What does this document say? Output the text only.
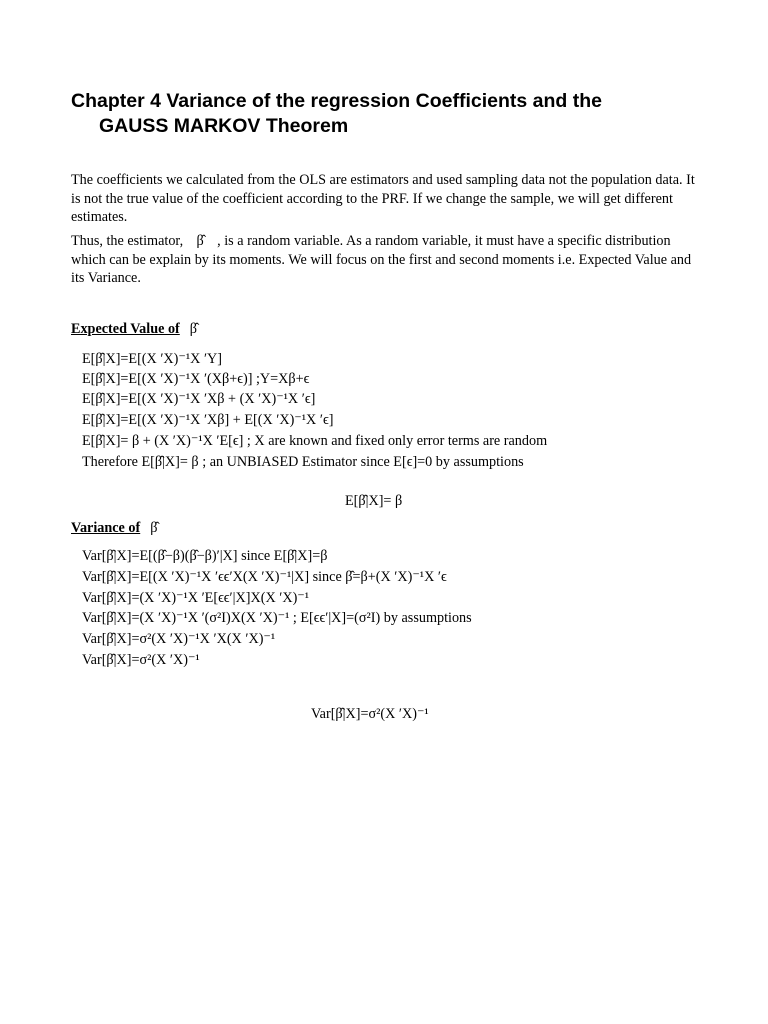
Chapter 4 Variance of the regression Coefficients and the
GAUSS MARKOV Theorem

The coefficients we calculated from the OLS are estimators and used sampling data not the population data. It is not the true value of the coefficient according to the PRF. If we change the sample, we will get different estimates.

Thus, the estimator, β̂ , is a random variable. As a random variable, it must have a specific distribution which can be explain by its moments. We will focus on the first and second moments i.e. Expected Value and its Variance.

Expected Value of β̂
E[β̂|X]=E[(X ′X)⁻¹X ′Y]
E[β̂|X]=E[(X ′X)⁻¹X ′(Xβ+ϵ)] ;Y=Xβ+ϵ
E[β̂|X]=E[(X ′X)⁻¹X ′Xβ + (X ′X)⁻¹X ′ϵ]
E[β̂|X]=E[(X ′X)⁻¹X ′Xβ] + E[(X ′X)⁻¹X ′ϵ]
E[β̂|X]= β + (X ′X)⁻¹X ′E[ϵ] ; X are known and fixed only error terms are random
Therefore E[β̂|X]= β ; an UNBIASED Estimator since E[ϵ]=0 by assumptions
E[β̂|X]= β
Variance of β̂
Var[β̂|X]=E[(β̂−β)(β̂−β)′|X] since E[β̂|X]=β
Var[β̂|X]=E[(X ′X)⁻¹X ′ϵϵ′X(X ′X)⁻¹|X] since β̂=β+(X ′X)⁻¹X ′ϵ
Var[β̂|X]=(X ′X)⁻¹X ′E[ϵϵ′|X]X(X ′X)⁻¹
Var[β̂|X]=(X ′X)⁻¹X ′(σ²I)X(X ′X)⁻¹ ; E[ϵϵ′|X]=(σ²I) by assumptions
Var[β̂|X]=σ²(X ′X)⁻¹X ′X(X ′X)⁻¹
Var[β̂|X]=σ²(X ′X)⁻¹
Var[β̂|X]=σ²(X ′X)⁻¹
